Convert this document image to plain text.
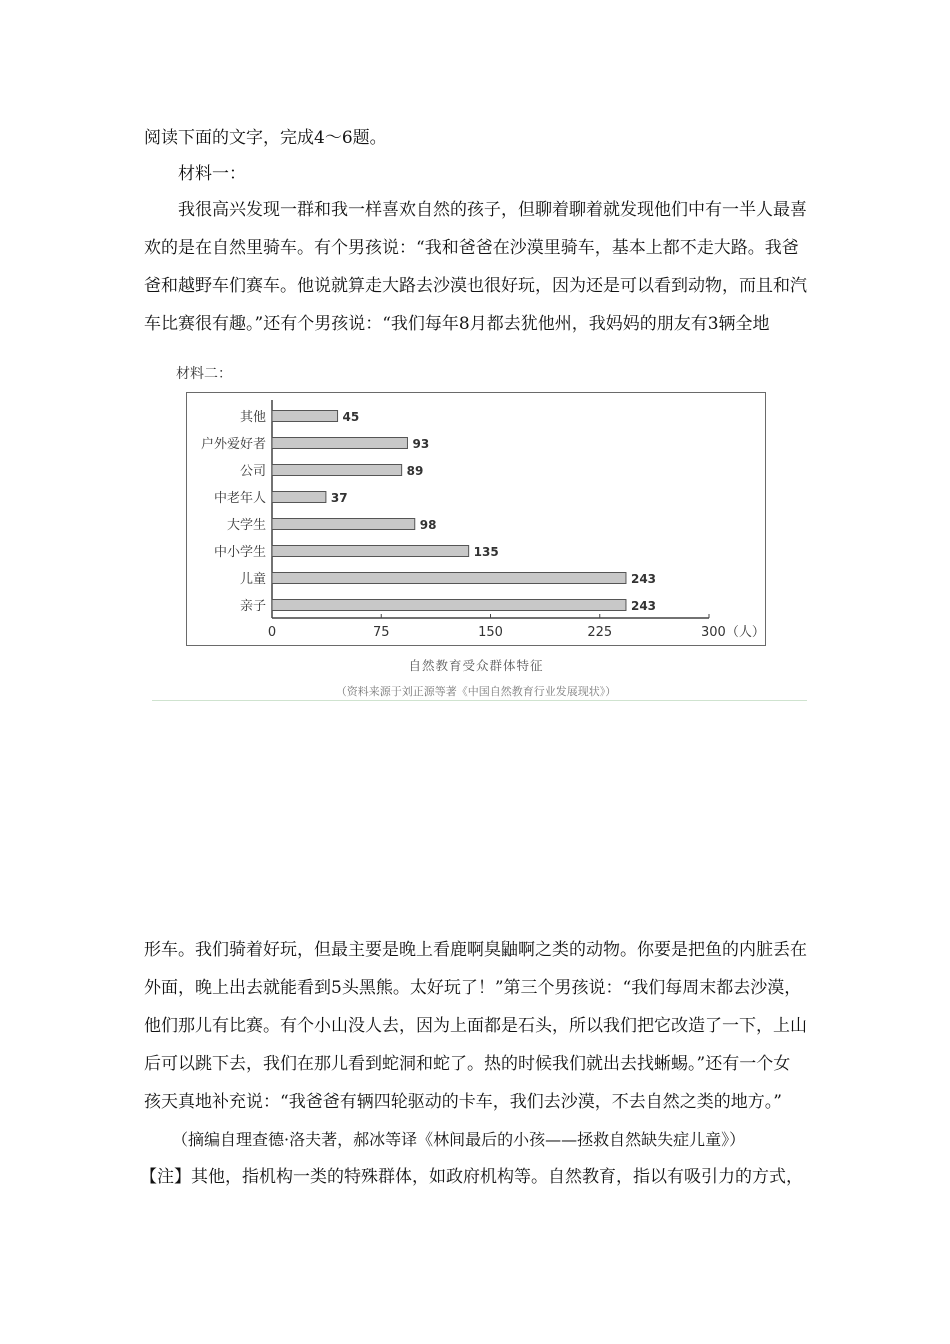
阅读下面的文字，完成4～6题。
材料一：
我很高兴发现一群和我一样喜欢自然的孩子，但聊着聊着就发现他们中有一半人最喜
欢的是在自然里骑车。有个男孩说：“我和爸爸在沙漠里骑车，基本上都不走大路。我爸
爸和越野车们赛车。他说就算走大路去沙漠也很好玩，因为还是可以看到动物，而且和汽
车比赛很有趣。”还有个男孩说：“我们每年8月都去犹他州，我妈妈的朋友有3辆全地
材料二：
其他	45
户外爱好者	93
公司	89
中老年人	37
大学生	98
中小学生	135
儿童	243
亲子	243
0	75	150	225	300（人）
自然教育受众群体特征
（资料来源于刘正源等著《中国自然教育行业发展现状》）
形车。我们骑着好玩，但最主要是晚上看鹿啊臭鼬啊之类的动物。你要是把鱼的内脏丢在
外面，晚上出去就能看到5头黑熊。太好玩了！”第三个男孩说：“我们每周末都去沙漠，
他们那儿有比赛。有个小山没人去，因为上面都是石头，所以我们把它改造了一下，上山
后可以跳下去，我们在那儿看到蛇洞和蛇了。热的时候我们就出去找蜥蜴。”还有一个女
孩天真地补充说：“我爸爸有辆四轮驱动的卡车，我们去沙漠，不去自然之类的地方。”
（摘编自理查德·洛夫著，郝冰等译《林间最后的小孩——拯救自然缺失症儿童》）
【注】其他，指机构一类的特殊群体，如政府机构等。自然教育，指以有吸引力的方式，
